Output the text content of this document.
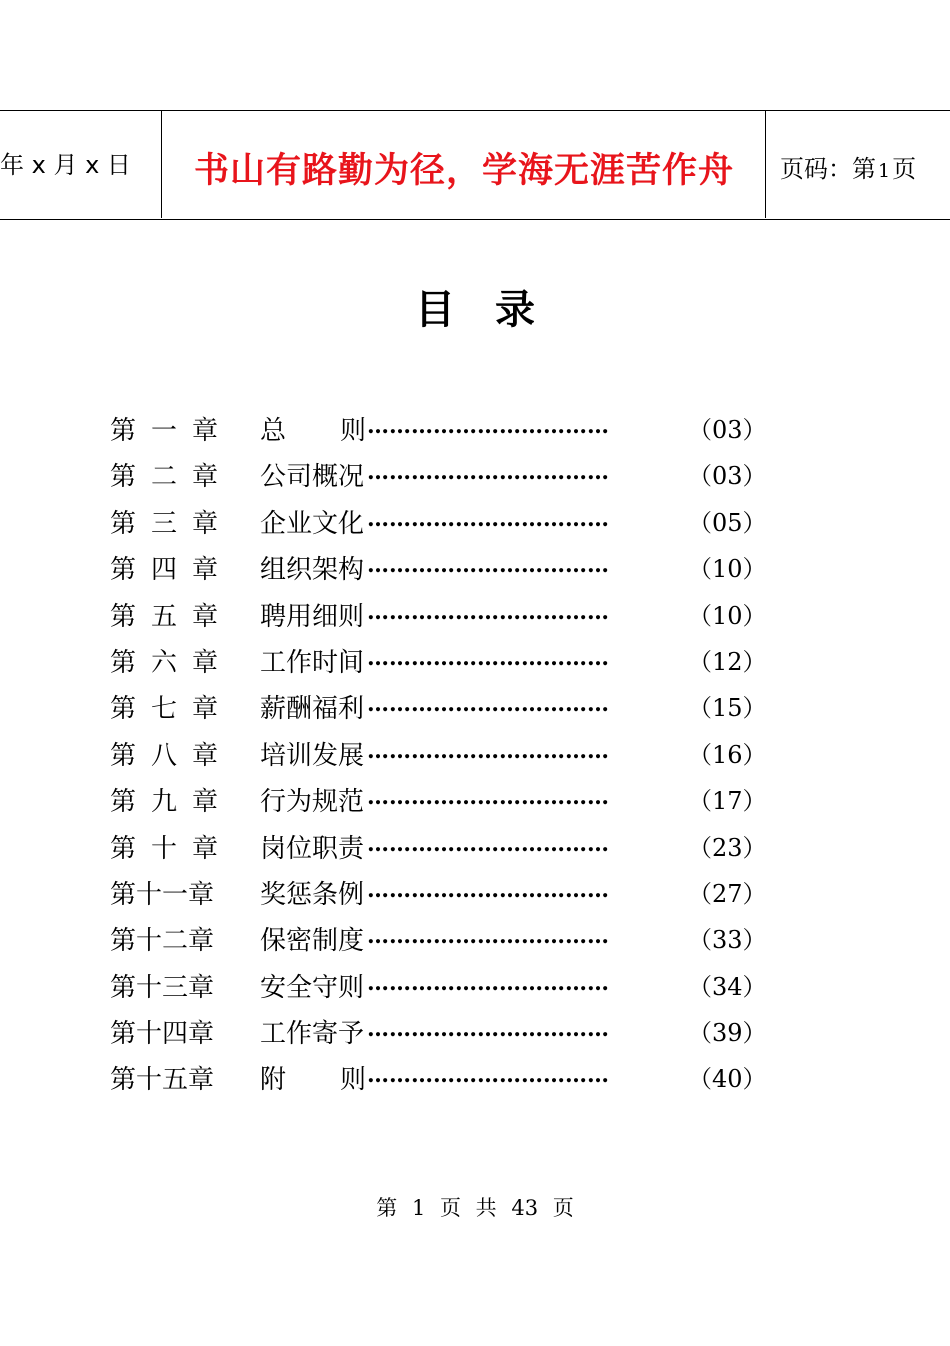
年 x 月 x 日	书山有路勤为径，学海无涯苦作舟	页码：第 1页
目录
第 一 章 总 则 ……………………………	（03）
第 二 章 公司概况 ……………………………	（03）
第 三 章 企业文化 ……………………………	（05）
第 四 章 组织架构 ……………………………	（10）
第 五 章 聘用细则 ……………………………	（10）
第 六 章 工作时间 ……………………………	（12）
第 七 章 薪酬福利 ……………………………	（15）
第 八 章 培训发展 ……………………………	（16）
第 九 章 行为规范 ……………………………	（17）
第 十 章 岗位职责 ……………………………	（23）
第十一章 奖惩条例 ……………………………	（27）
第十二章 保密制度 ……………………………	（33）
第十三章 安全守则 ……………………………	（34）
第十四章 工作寄予 ……………………………	（39）
第十五章 附 则 ……………………………	（40）
第 1 页 共 43 页
